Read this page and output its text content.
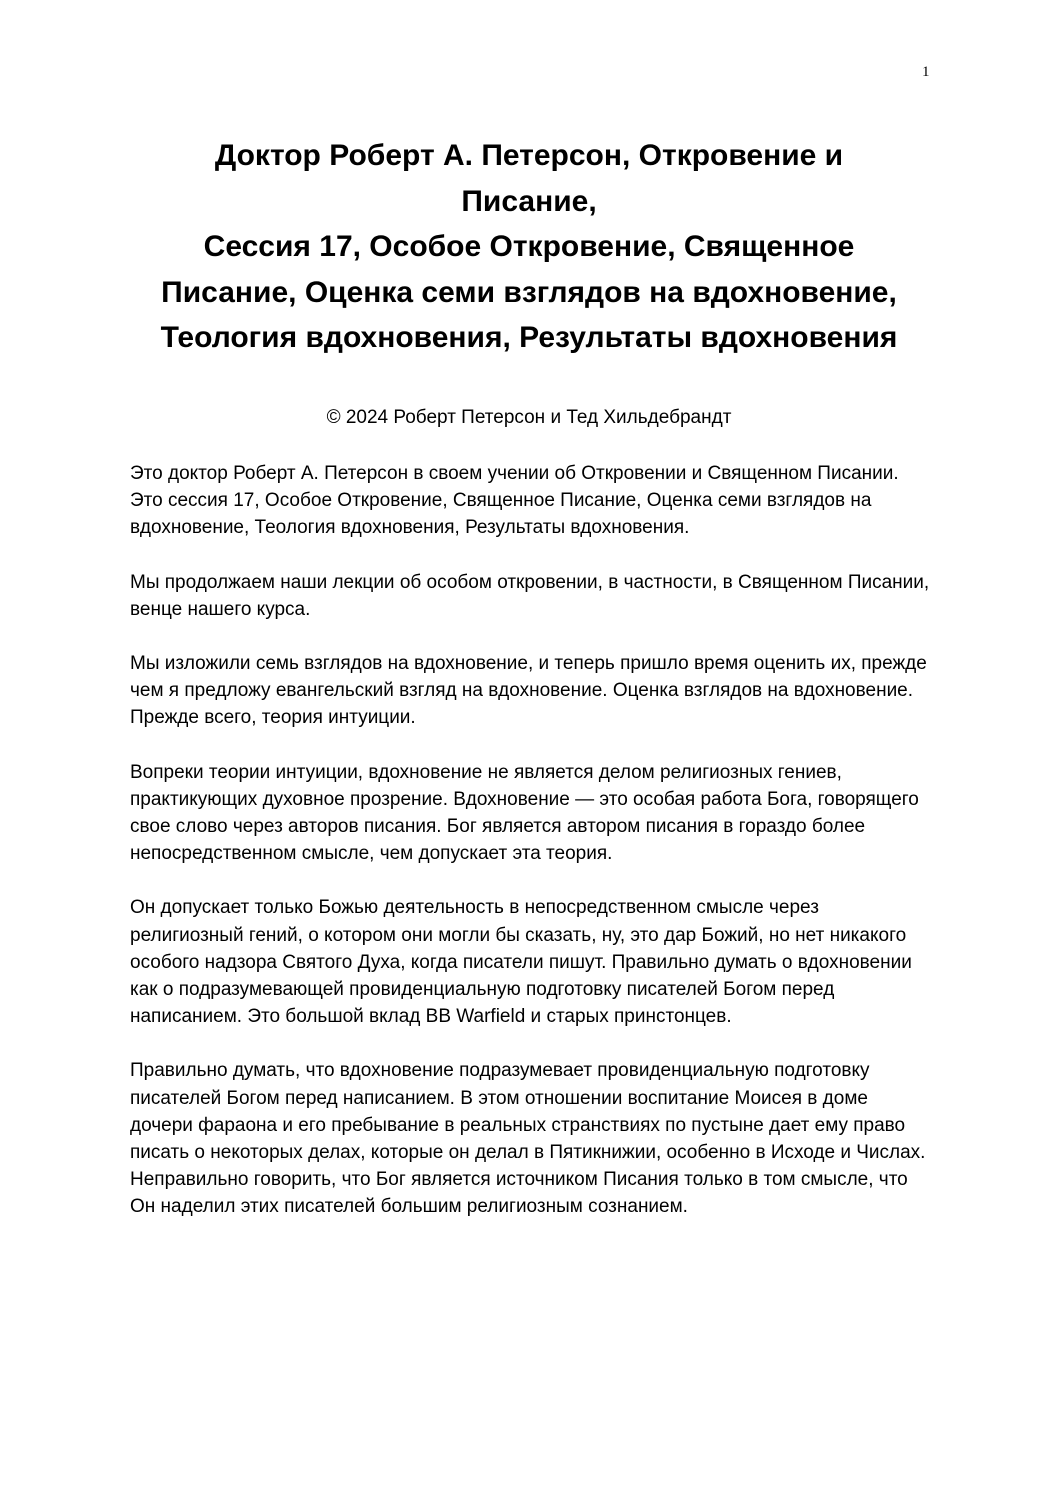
1
Доктор Роберт А. Петерсон, Откровение и Писание,
Сессия 17, Особое Откровение, Священное Писание, Оценка семи взглядов на вдохновение, Теология вдохновения, Результаты вдохновения
© 2024 Роберт Петерсон и Тед Хильдебрандт

Это доктор Роберт А. Петерсон в своем учении об Откровении и Священном Писании. Это сессия 17, Особое Откровение, Священное Писание, Оценка семи взглядов на вдохновение, Теология вдохновения, Результаты вдохновения.

Мы продолжаем наши лекции об особом откровении, в частности, в Священном Писании, венце нашего курса.

Мы изложили семь взглядов на вдохновение, и теперь пришло время оценить их, прежде чем я предложу евангельский взгляд на вдохновение. Оценка взглядов на вдохновение. Прежде всего, теория интуиции.

Вопреки теории интуиции, вдохновение не является делом религиозных гениев, практикующих духовное прозрение. Вдохновение — это особая работа Бога, говорящего свое слово через авторов писания. Бог является автором писания в гораздо более непосредственном смысле, чем допускает эта теория.

Он допускает только Божью деятельность в непосредственном смысле через религиозный гений, о котором они могли бы сказать, ну, это дар Божий, но нет никакого особого надзора Святого Духа, когда писатели пишут. Правильно думать о вдохновении как о подразумевающей провиденциальную подготовку писателей Богом перед написанием. Это большой вклад BB Warfield и старых принстонцев.

Правильно думать, что вдохновение подразумевает провиденциальную подготовку писателей Богом перед написанием. В этом отношении воспитание Моисея в доме дочери фараона и его пребывание в реальных странствиях по пустыне дает ему право писать о некоторых делах, которые он делал в Пятикнижии, особенно в Исходе и Числах. Неправильно говорить, что Бог является источником Писания только в том смысле, что Он наделил этих писателей большим религиозным сознанием.
